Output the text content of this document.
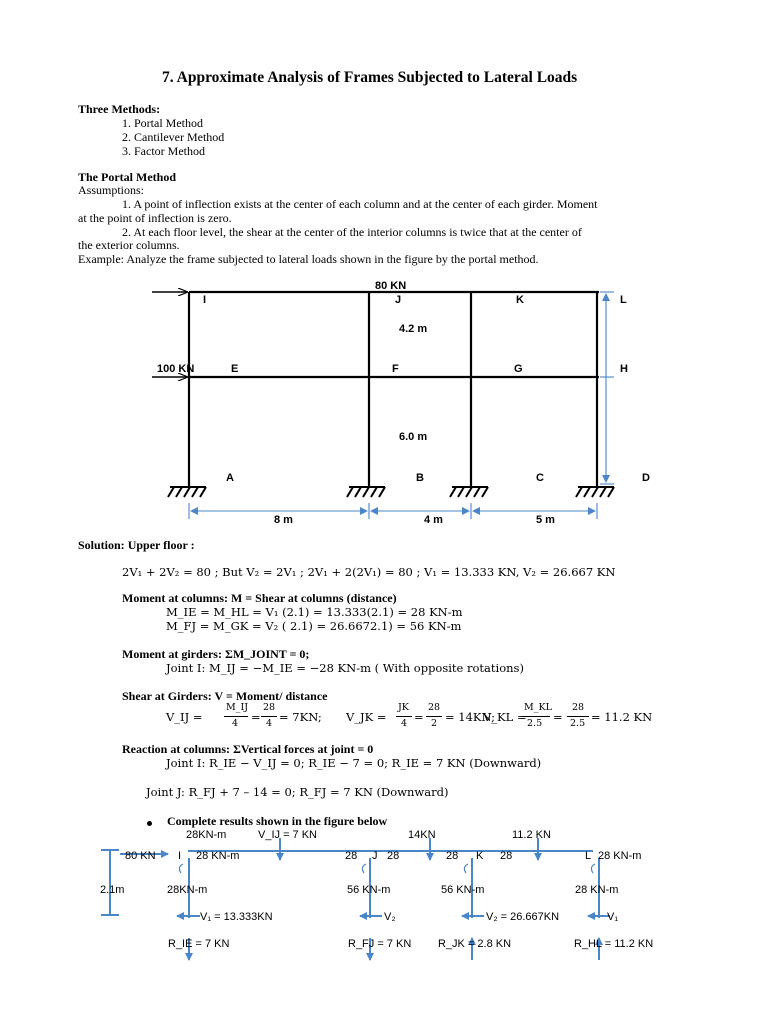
7. Approximate Analysis of Frames Subjected to Lateral Loads
Three Methods:
1. Portal Method
2. Cantilever Method
3. Factor Method
The Portal Method
Assumptions:
1. A point of inflection exists at the center of each column and at the center of each girder. Moment
at the point of inflection is zero.
2. At each floor level, the shear at the center of the interior columns is twice that at the center of
the exterior columns.
Example: Analyze the frame subjected to lateral loads shown in the figure by the portal method.
80 KN
100 KN
I	J	K	L
E	F	G	H
A	B	C	D
4.2 m
6.0 m
8 m	4 m	5 m
Solution: Upper floor :
2V₁ + 2V₂ = 80 ; But V₂ = 2V₁ ; 2V₁ + 2(2V₁) = 80 ; V₁ = 13.333 KN, V₂ = 26.667 KN
Moment at columns: M = Shear at columns (distance)
M_IE = M_HL = V₁ (2.1) = 13.333(2.1) = 28 KN-m
M_FJ = M_GK = V₂ ( 2.1) = 26.6672.1) = 56 KN-m
Moment at girders: ΣM_JOINT = 0;
Joint I: M_IJ = −M_IE = −28 KN-m ( With opposite rotations)
Shear at Girders: V = Moment/ distance
V_IJ =
M_IJ
4 =
28
4 = 7KN; V_JK =
JK
4 =
28
2 = 14KN;
V_KL =
M_KL
2.5 =
28
2.5 = 11.2 KN
Reaction at columns: ΣVertical forces at joint = 0
Joint I: R_IE − V_IJ = 0; R_IE − 7 = 0; R_IE = 7 KN (Downward)
Joint J: R_FJ + 7 – 14 = 0; R_FJ = 7 KN (Downward)
Complete results shown in the figure below
28KN-m	V_IJ = 7 KN	14KN	11.2 KN
80 KN I 28 KN-m	28 J 28	28 K 28	L 28 KN-m
2.1m	28KN-m	56 KN-m	56 KN-m	28 KN-m
V₁ = 13.333KN	V₂	V₂ = 26.667KN	V₁
R_IE = 7 KN	R_FJ = 7 KN R_JK = 2.8 KN	R_HL = 11.2 KN
